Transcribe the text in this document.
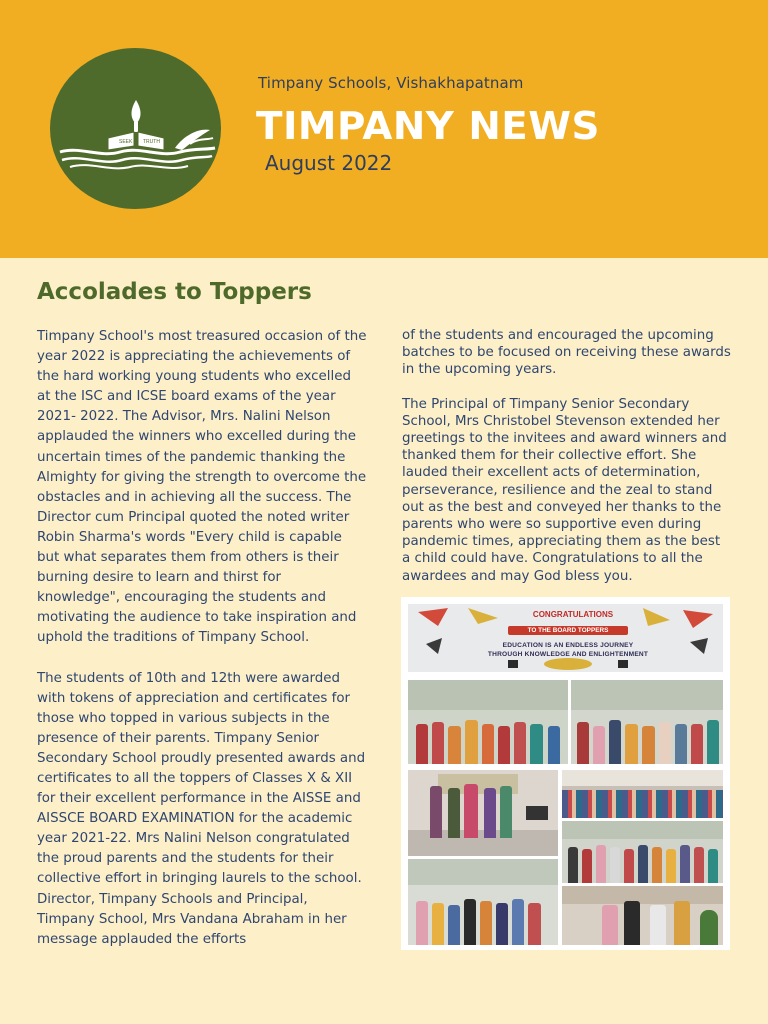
SEEK TRUTH
Timpany Schools, Vishakhapatnam
TIMPANY NEWS
August 2022
Accolades to Toppers

Timpany School's most treasured occasion of the year 2022 is appreciating the achievements of the hard working young students who excelled at the ISC and ICSE board exams of the year 2021- 2022. The Advisor, Mrs. Nalini Nelson applauded the winners who excelled during the uncertain times of the pandemic thanking the Almighty for giving the strength to overcome the obstacles and in achieving all the success. The Director cum Principal quoted the noted writer Robin Sharma's words "Every child is capable but what separates them from others is their burning desire to learn and thirst for knowledge", encouraging the students and motivating the audience to take inspiration and uphold the traditions of Timpany School.

The students of 10th and 12th were awarded with tokens of appreciation and certificates for those who topped in various subjects in the presence of their parents. Timpany Senior Secondary School proudly presented awards and certificates to all the toppers of Classes X & XII for their excellent performance in the AISSE and AISSCE BOARD EXAMINATION for the academic year 2021-22. Mrs Nalini Nelson congratulated the proud parents and the students for their collective effort in bringing laurels to the school. Director, Timpany Schools and Principal, Timpany School, Mrs Vandana Abraham in her message applauded the efforts

of the students and encouraged the upcoming batches to be focused on receiving these awards in the upcoming years.

The Principal of Timpany Senior Secondary School, Mrs Christobel Stevenson extended her greetings to the invitees and award winners and thanked them for their collective effort. She lauded their excellent acts of determination, perseverance, resilience and the zeal to stand out as the best and conveyed her thanks to the parents who were so supportive even during pandemic times, appreciating them as the best a child could have. Congratulations to all the awardees and may God bless you.

CONGRATULATIONS
TO THE BOARD TOPPERS
EDUCATION IS AN ENDLESS JOURNEY
THROUGH KNOWLEDGE AND ENLIGHTENMENT
